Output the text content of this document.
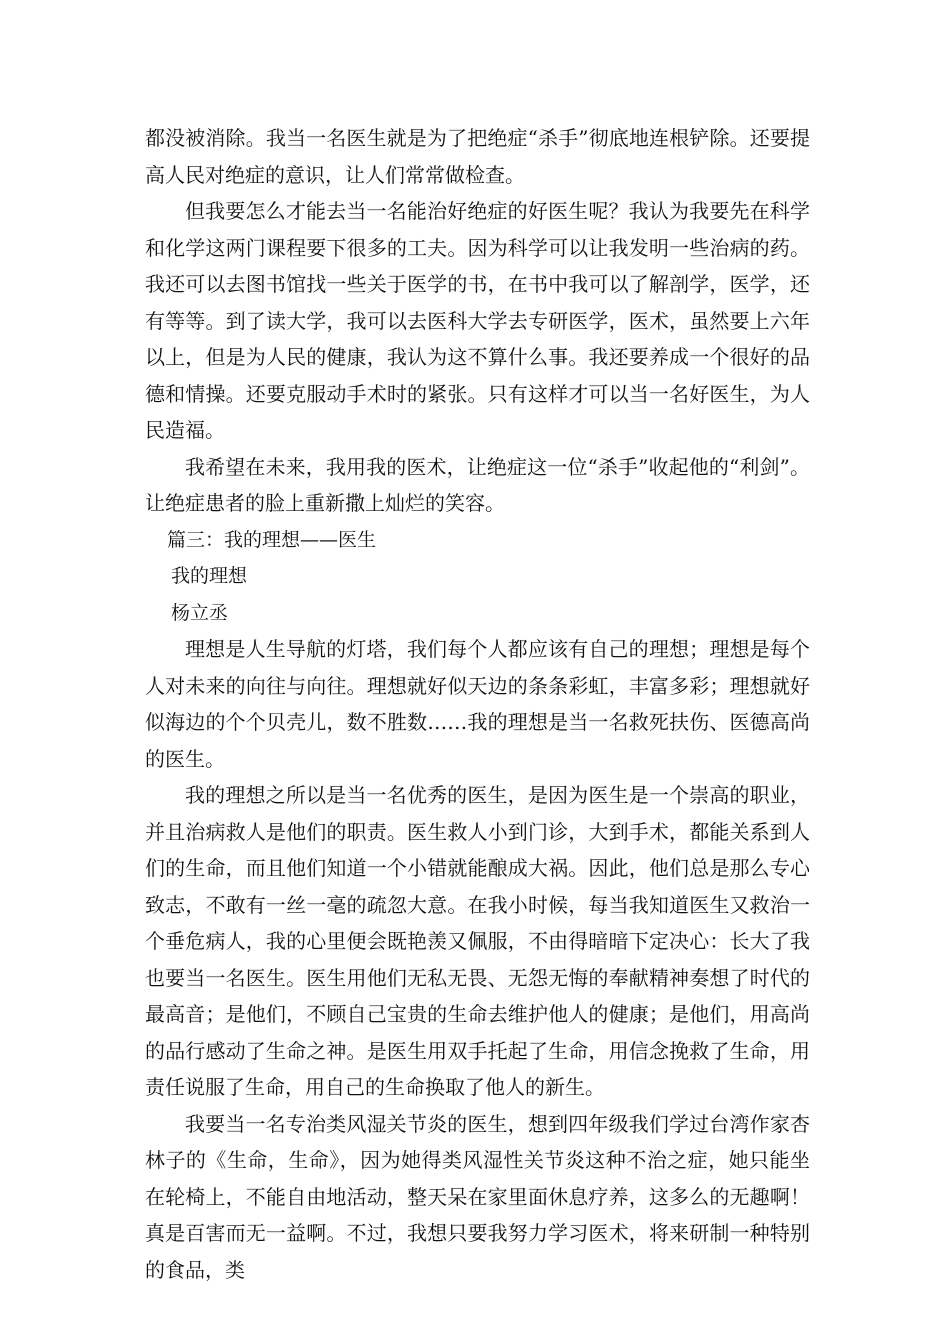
都没被消除。我当一名医生就是为了把绝症“杀手”彻底地连根铲除。还要提高人民对绝症的意识，让人们常常做检查。

但我要怎么才能去当一名能治好绝症的好医生呢？我认为我要先在科学和化学这两门课程要下很多的工夫。因为科学可以让我发明一些治病的药。我还可以去图书馆找一些关于医学的书，在书中我可以了解剖学，医学，还有等等。到了读大学，我可以去医科大学去专研医学，医术，虽然要上六年以上，但是为人民的健康，我认为这不算什么事。我还要养成一个很好的品德和情操。还要克服动手术时的紧张。只有这样才可以当一名好医生，为人民造福。

我希望在未来，我用我的医术，让绝症这一位“杀手”收起他的“利剑”。让绝症患者的脸上重新撒上灿烂的笑容。

篇三：我的理想——医生

我的理想

杨立丞

理想是人生导航的灯塔，我们每个人都应该有自己的理想；理想是每个人对未来的向往与向往。理想就好似天边的条条彩虹，丰富多彩；理想就好似海边的个个贝壳儿，数不胜数……我的理想是当一名救死扶伤、医德高尚的医生。

我的理想之所以是当一名优秀的医生，是因为医生是一个崇高的职业，并且治病救人是他们的职责。医生救人小到门诊，大到手术，都能关系到人们的生命，而且他们知道一个小错就能酿成大祸。因此，他们总是那么专心致志，不敢有一丝一毫的疏忽大意。在我小时候，每当我知道医生又救治一个垂危病人，我的心里便会既艳羡又佩服，不由得暗暗下定决心：长大了我也要当一名医生。医生用他们无私无畏、无怨无悔的奉献精神奏想了时代的最高音；是他们，不顾自己宝贵的生命去维护他人的健康；是他们，用高尚的品行感动了生命之神。是医生用双手托起了生命，用信念挽救了生命，用责任说服了生命，用自己的生命换取了他人的新生。

我要当一名专治类风湿关节炎的医生，想到四年级我们学过台湾作家杏林子的《生命，生命》，因为她得类风湿性关节炎这种不治之症，她只能坐在轮椅上，不能自由地活动，整天呆在家里面休息疗养，这多么的无趣啊！真是百害而无一益啊。不过，我想只要我努力学习医术，将来研制一种特别的食品，类
